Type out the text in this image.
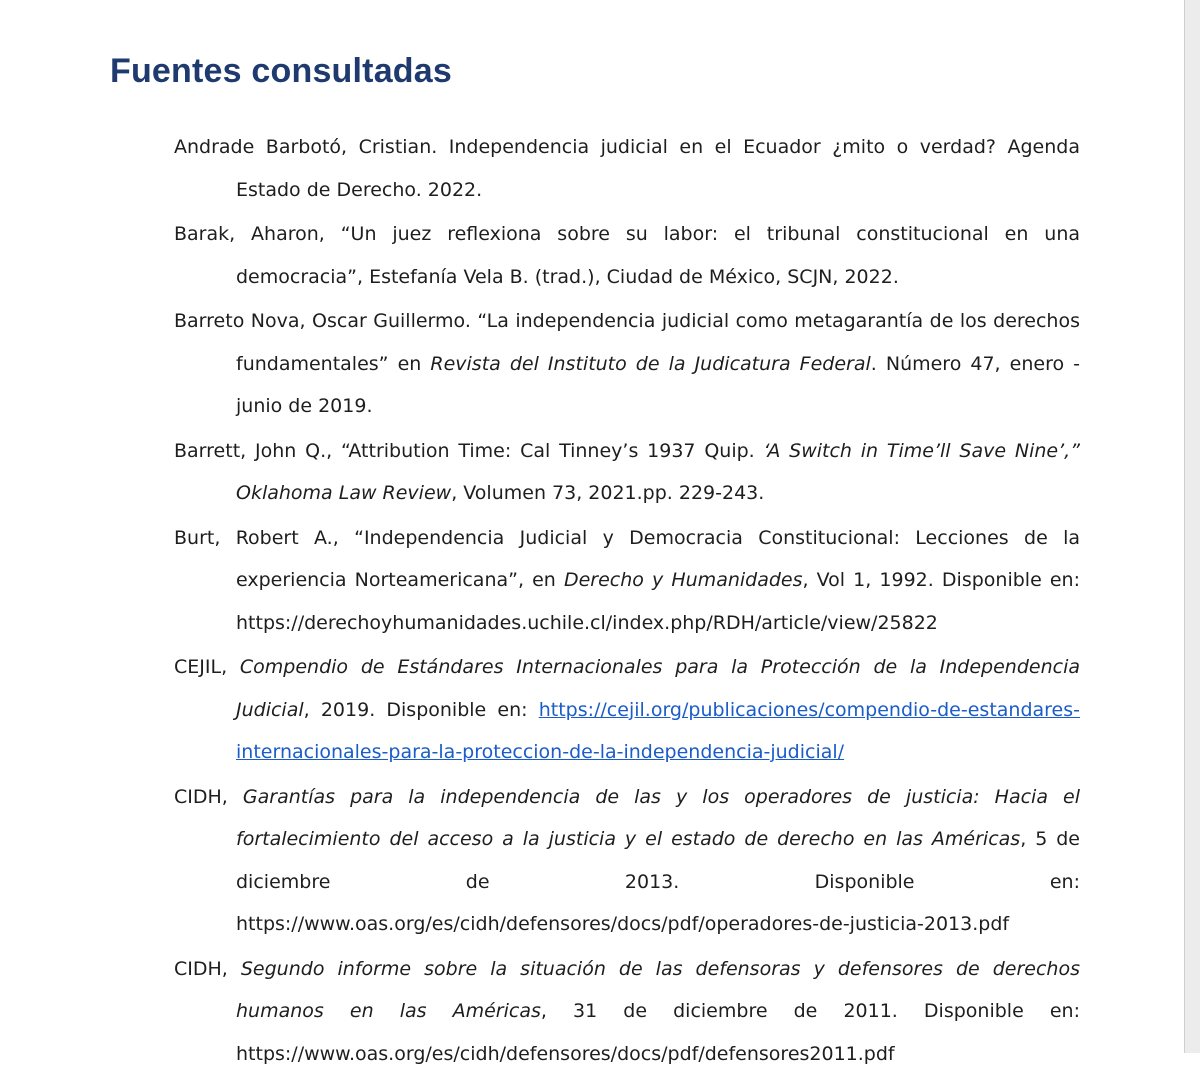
Fuentes consultadas

Andrade Barbotó, Cristian. Independencia judicial en el Ecuador ¿mito o verdad? Agenda Estado de Derecho. 2022.

Barak, Aharon, “Un juez reflexiona sobre su labor: el tribunal constitucional en una democracia”, Estefanía Vela B. (trad.), Ciudad de México, SCJN, 2022.

Barreto Nova, Oscar Guillermo. “La independencia judicial como metagarantía de los derechos fundamentales” en Revista del Instituto de la Judicatura Federal. Número 47, enero - junio de 2019.

Barrett, John Q., “Attribution Time: Cal Tinney’s 1937 Quip. ‘A Switch in Time’ll Save Nine’,” Oklahoma Law Review, Volumen 73, 2021.pp. 229-243.

Burt, Robert A., “Independencia Judicial y Democracia Constitucional: Lecciones de la experiencia Norteamericana”, en Derecho y Humanidades, Vol 1, 1992. Disponible en: https://derechoyhumanidades.uchile.cl/index.php/RDH/article/view/25822

CEJIL, Compendio de Estándares Internacionales para la Protección de la Independencia Judicial, 2019. Disponible en: https://cejil.org/publicaciones/compendio-de-estandares-internacionales-para-la-proteccion-de-la-independencia-judicial/

CIDH, Garantías para la independencia de las y los operadores de justicia: Hacia el fortalecimiento del acceso a la justicia y el estado de derecho en las Américas, 5 de diciembre de 2013. Disponible en: https://www.oas.org/es/cidh/defensores/docs/pdf/operadores-de-justicia-2013.pdf

CIDH, Segundo informe sobre la situación de las defensoras y defensores de derechos humanos en las Américas, 31 de diciembre de 2011. Disponible en: https://www.oas.org/es/cidh/defensores/docs/pdf/defensores2011.pdf
